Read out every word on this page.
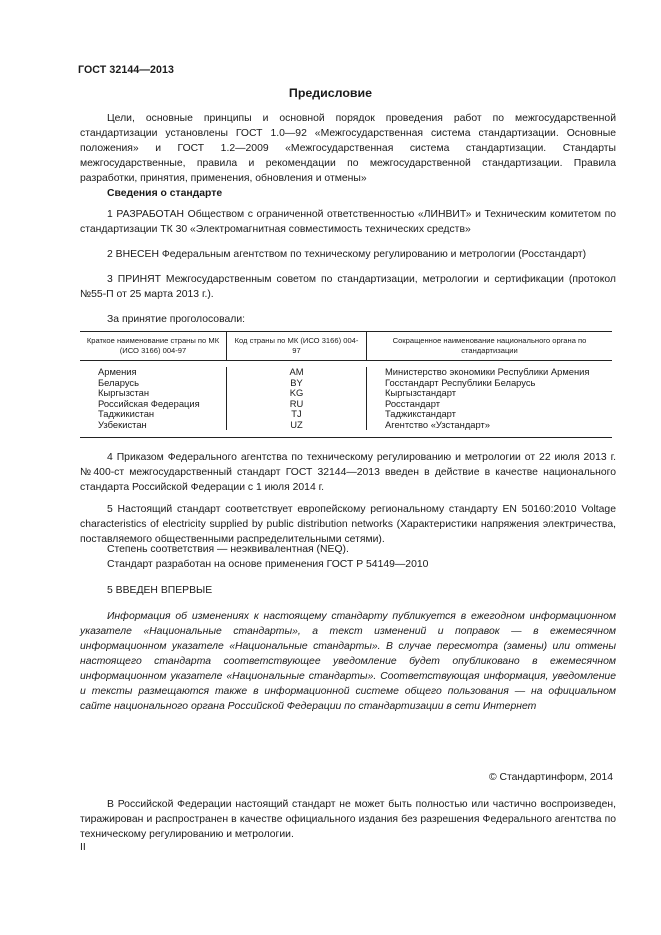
ГОСТ 32144—2013
Предисловие

Цели, основные принципы и основной порядок проведения работ по межгосударственной стандартизации установлены ГОСТ 1.0—92 «Межгосударственная система стандартизации. Основные положения» и ГОСТ 1.2—2009 «Межгосударственная система стандартизации. Стандарты межгосударственные, правила и рекомендации по межгосударственной стандартизации. Правила разработки, принятия, применения, обновления и отмены»

Сведения о стандарте

1 РАЗРАБОТАН Обществом с ограниченной ответственностью «ЛИНВИТ» и Техническим комитетом по стандартизации ТК 30 «Электромагнитная совместимость технических средств»

2 ВНЕСЕН Федеральным агентством по техническому регулированию и метрологии (Росстандарт)

3 ПРИНЯТ Межгосударственным советом по стандартизации, метрологии и сертификации (протокол №55-П от 25 марта 2013 г.).

За принятие проголосовали:
Краткое наименование страны по МК (ИСО 3166) 004-97
Код страны по МК (ИСО 3166) 004-97
Сокращенное наименование национального органа по стандартизации
Армения
Беларусь
Кыргызстан
Российская Федерация
Таджикистан
Узбекистан
AM
BY
KG
RU
TJ
UZ
Министерство экономики Республики Армения
Госстандарт Республики Беларусь
Кыргызстандарт
Росстандарт
Таджикстандарт
Агентство «Узстандарт»

4 Приказом Федерального агентства по техническому регулированию и метрологии от 22 июля 2013 г. №400-ст межгосударственный стандарт ГОСТ 32144—2013 введен в действие в качестве национального стандарта Российской Федерации с 1 июля 2014 г.

5 Настоящий стандарт соответствует европейскому региональному стандарту EN 50160:2010 Voltage characteristics of electricity supplied by public distribution networks (Характеристики напряжения электричества, поставляемого общественными распределительными сетями).

Степень соответствия — неэквивалентная (NEQ).
Стандарт разработан на основе применения ГОСТ Р 54149—2010
5 ВВЕДЕН ВПЕРВЫЕ

Информация об изменениях к настоящему стандарту публикуется в ежегодном информационном указателе «Национальные стандарты», а текст изменений и поправок — в ежемесячном информационном указателе «Национальные стандарты». В случае пересмотра (замены) или отмены настоящего стандарта соответствующее уведомление будет опубликовано в ежемесячном информационном указателе «Национальные стандарты». Соответствующая информация, уведомление и тексты размещаются также в информационной системе общего пользования — на официальном сайте национального органа Российской Федерации по стандартизации в сети Интернет

© Стандартинформ, 2014

В Российской Федерации настоящий стандарт не может быть полностью или частично воспроизведен, тиражирован и распространен в качестве официального издания без разрешения Федерального агентства по техническому регулированию и метрологии.

II
